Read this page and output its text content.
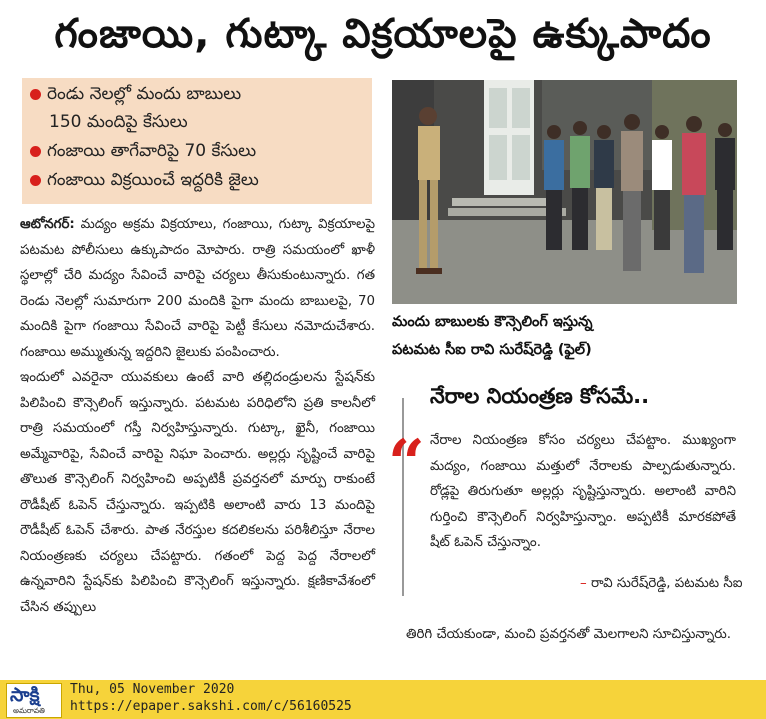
గంజాయి, గుట్కా విక్రయాలపై ఉక్కుపాదం
రెండు నెలల్లో మందు బాబులు
150 మందిపై కేసులు
గంజాయి తాగేవారిపై 70 కేసులు
గంజాయి విక్రయించే ఇద్దరికి జైలు
మందు బాబులకు కౌన్సెలింగ్‌ ఇస్తున్న
పటమట సీఐ రావి సురేష్‌రెడ్డి (ఫైల్‌)

ఆటోనగర్‌: మద్యం అక్రమ విక్రయాలు, గంజాయి, గుట్కా విక్రయాలపై పటమట పోలీసులు ఉక్కుపాదం మోపారు. రాత్రి సమయంలో ఖాళీ స్థలాల్లో చేరి మద్యం సేవించే వారిపై చర్యలు తీసుకుంటున్నారు. గత రెండు నెలల్లో సుమారుగా 200 మందికి పైగా మందు బాబులపై, 70 మందికి పైగా గంజాయి సేవించే వారిపై పెట్టీ కేసులు నమోదుచేశారు. గంజాయి అమ్ముతున్న ఇద్దరిని జైలుకు పంపించారు.

ఇందులో ఎవరైనా యువకులు ఉంటే వారి తల్లిదండ్రులను స్టేషన్‌కు పిలిపించి కౌన్సెలింగ్‌ ఇస్తున్నారు. పటమట పరిధిలోని ప్రతి కాలనీలో రాత్రి సమయంలో గస్తీ నిర్వహిస్తున్నారు. గుట్కా, ఖైనీ, గంజాయి అమ్మేవారిపై, సేవించే వారిపై నిఘా పెంచారు. అల్లర్లు సృష్టించే వారిపై తొలుత కౌన్సెలింగ్‌ నిర్వహించి అప్పటికీ ప్రవర్తనలో మార్పు రాకుంటే రౌడీషీట్‌ ఓపెన్‌ చేస్తున్నారు. ఇప్పటికి అలాంటి వారు 13 మందిపై రౌడీషీట్‌ ఓపెన్‌ చేశారు. పాత నేరస్తుల కదలికలను పరిశీలిస్తూ నేరాల నియంత్రణకు చర్యలు చేపట్టారు. గతంలో పెద్ద పెద్ద నేరాలలో ఉన్నవారిని స్టేషన్‌కు పిలిపించి కౌన్సెలింగ్‌ ఇస్తున్నారు. క్షణికావేశంలో చేసిన తప్పులు

నేరాల నియంత్రణ కోసమే..
“ నేరాల నియంత్రణ కోసం చర్యలు చేపట్టాం. ముఖ్యంగా మద్యం, గంజాయి మత్తులో నేరాలకు పాల్పడుతున్నారు. రోడ్లపై తిరుగుతూ అల్లర్లు సృష్టిస్తున్నారు. అలాంటి వారిని గుర్తించి కౌన్సెలింగ్‌ నిర్వహిస్తున్నాం. అప్పటికీ మారకపోతే షీట్‌ ఓపెన్‌ చేస్తున్నాం.
– రావి సురేష్‌రెడ్డి, పటమట సీఐ
తిరిగి చేయకుండా, మంచి ప్రవర్తనతో మెలగాలని సూచిస్తున్నారు.
సాక్షి
అమరావతి
Thu, 05 November 2020
https://epaper.sakshi.com/c/56160525
